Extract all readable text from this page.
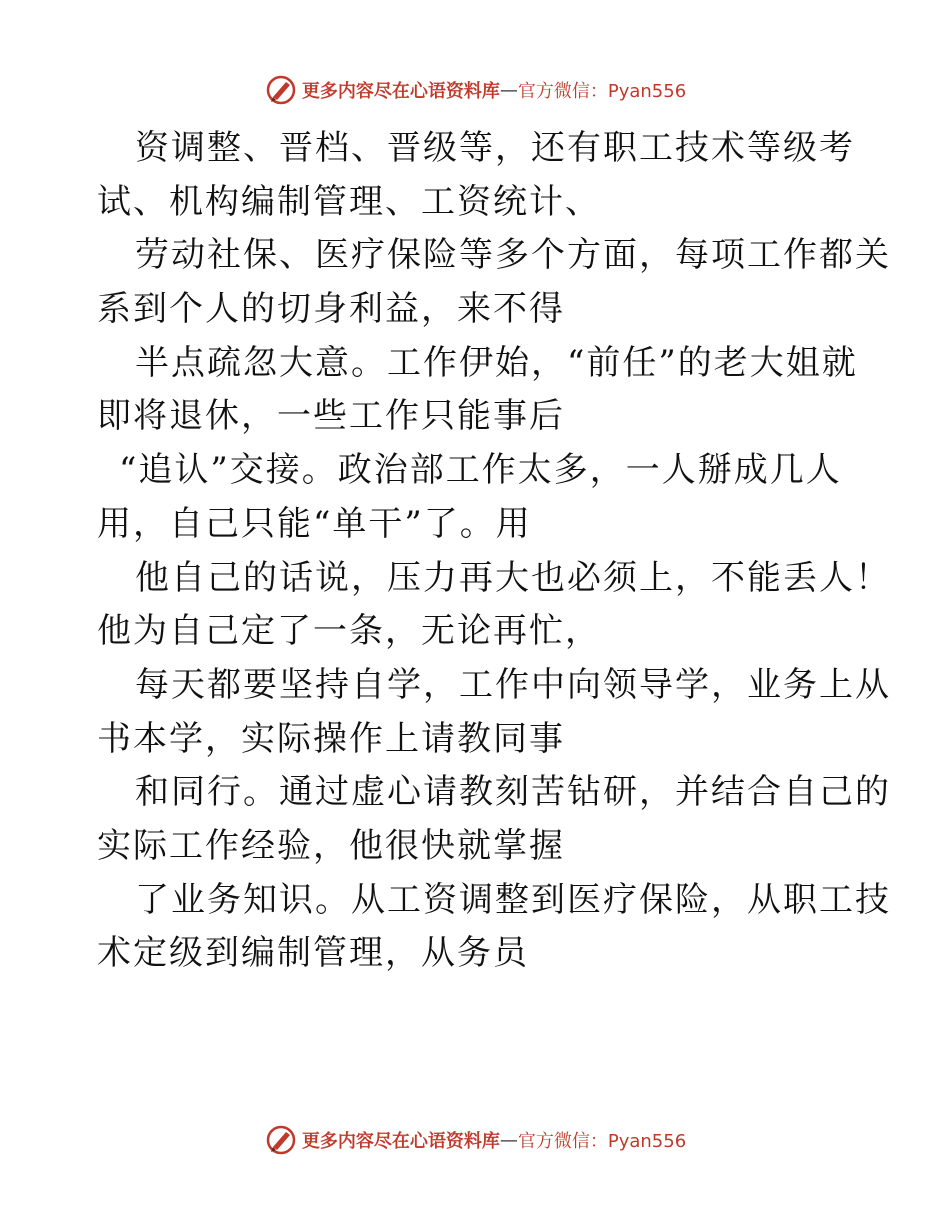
更多内容尽在心语资料库 — 官方微信：Pyan556
资调整、晋档、晋级等，还有职工技术等级考
试、机构编制管理、工资统计、
劳动社保、医疗保险等多个方面，每项工作都关
系到个人的切身利益，来不得
半点疏忽大意。工作伊始，“前任”的老大姐就
即将退休，一些工作只能事后
“追认”交接。政治部工作太多，一人掰成几人
用，自己只能“单干”了。用
他自己的话说，压力再大也必须上，不能丢人！
他为自己定了一条，无论再忙，
每天都要坚持自学，工作中向领导学，业务上从
书本学，实际操作上请教同事
和同行。通过虚心请教刻苦钻研，并结合自己的
实际工作经验，他很快就掌握
了业务知识。从工资调整到医疗保险，从职工技
术定级到编制管理，从务员
更多内容尽在心语资料库 — 官方微信：Pyan556
